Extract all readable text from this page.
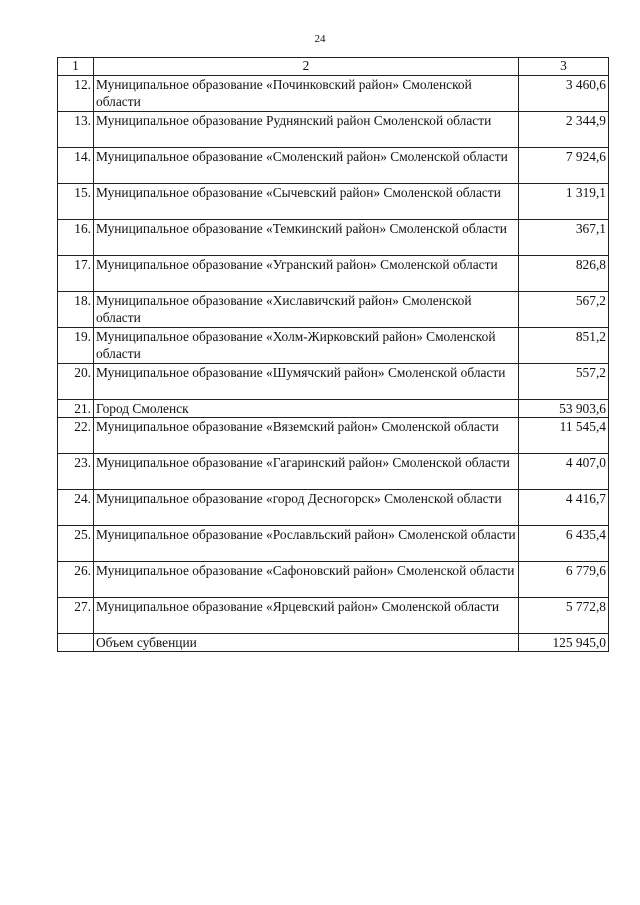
24
1	2	3
12.	Муниципальное образование «Починковский район» Смоленской области	3 460,6
13.	Муниципальное образование Руднянский район Смоленской области	2 344,9
14.	Муниципальное образование «Смоленский район» Смоленской области	7 924,6
15.	Муниципальное образование «Сычевский район» Смоленской области	1 319,1
16.	Муниципальное образование «Темкинский район» Смоленской области	367,1
17.	Муниципальное образование «Угранский район» Смоленской области	826,8
18.	Муниципальное образование «Хиславичский район» Смоленской области	567,2
19.	Муниципальное образование «Холм-Жирковский район» Смоленской области	851,2
20.	Муниципальное образование «Шумячский район» Смоленской области	557,2
21.	Город Смоленск	53 903,6
22.	Муниципальное образование «Вяземский район» Смоленской области	11 545,4
23.	Муниципальное образование «Гагаринский район» Смоленской области	4 407,0
24.	Муниципальное образование «город Десногорск» Смоленской области	4 416,7
25.	Муниципальное образование «Рославльский район» Смоленской области	6 435,4
26.	Муниципальное образование «Сафоновский район» Смоленской области	6 779,6
27.	Муниципальное образование «Ярцевский район» Смоленской области	5 772,8
	Объем субвенции	125 945,0
